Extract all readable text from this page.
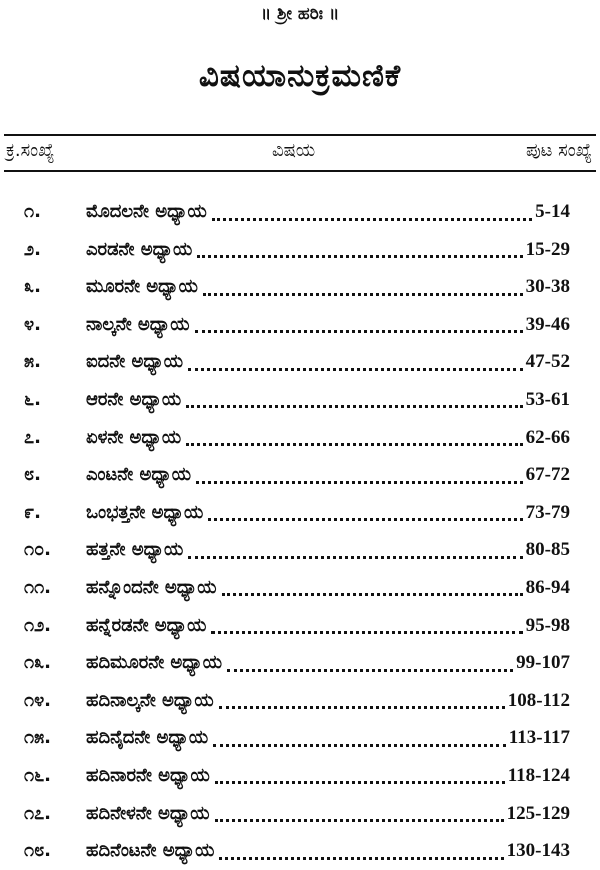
॥ ಶ್ರೀ ಹರಿಃ ॥
ವಿಷಯಾನುಕ್ರಮಣಿಕೆ
ಕ್ರ.ಸಂಖ್ಯೆ	ವಿಷಯ	ಪುಟ ಸಂಖ್ಯೆ
೧.	ಮೊದಲನೇ ಅಧ್ಯಾಯ	5-14
೨.	ಎರಡನೇ ಅಧ್ಯಾಯ	15-29
೩.	ಮೂರನೇ ಅಧ್ಯಾಯ	30-38
೪.	ನಾಲ್ಕನೇ ಅಧ್ಯಾಯ	39-46
೫.	ಐದನೇ ಅಧ್ಯಾಯ	47-52
೬.	ಆರನೇ ಅಧ್ಯಾಯ	53-61
೭.	ಏಳನೇ ಅಧ್ಯಾಯ	62-66
೮.	ಎಂಟನೇ ಅಧ್ಯಾಯ	67-72
೯.	ಒಂಭತ್ತನೇ ಅಧ್ಯಾಯ	73-79
೧೦. ಹತ್ತನೇ ಅಧ್ಯಾಯ	80-85
೧೧. ಹನ್ನೊಂದನೇ ಅಧ್ಯಾಯ	86-94
೧೨. ಹನ್ನೆರಡನೇ ಅಧ್ಯಾಯ	95-98
೧೩. ಹದಿಮೂರನೇ ಅಧ್ಯಾಯ	99-107
೧೪. ಹದಿನಾಲ್ಕನೇ ಅಧ್ಯಾಯ	108-112
೧೫. ಹದಿನೈದನೇ ಅಧ್ಯಾಯ	113-117
೧೬. ಹದಿನಾರನೇ ಅಧ್ಯಾಯ	118-124
೧೭. ಹದಿನೇಳನೇ ಅಧ್ಯಾಯ	125-129
೧೮. ಹದಿನೆಂಟನೇ ಅಧ್ಯಾಯ	130-143
